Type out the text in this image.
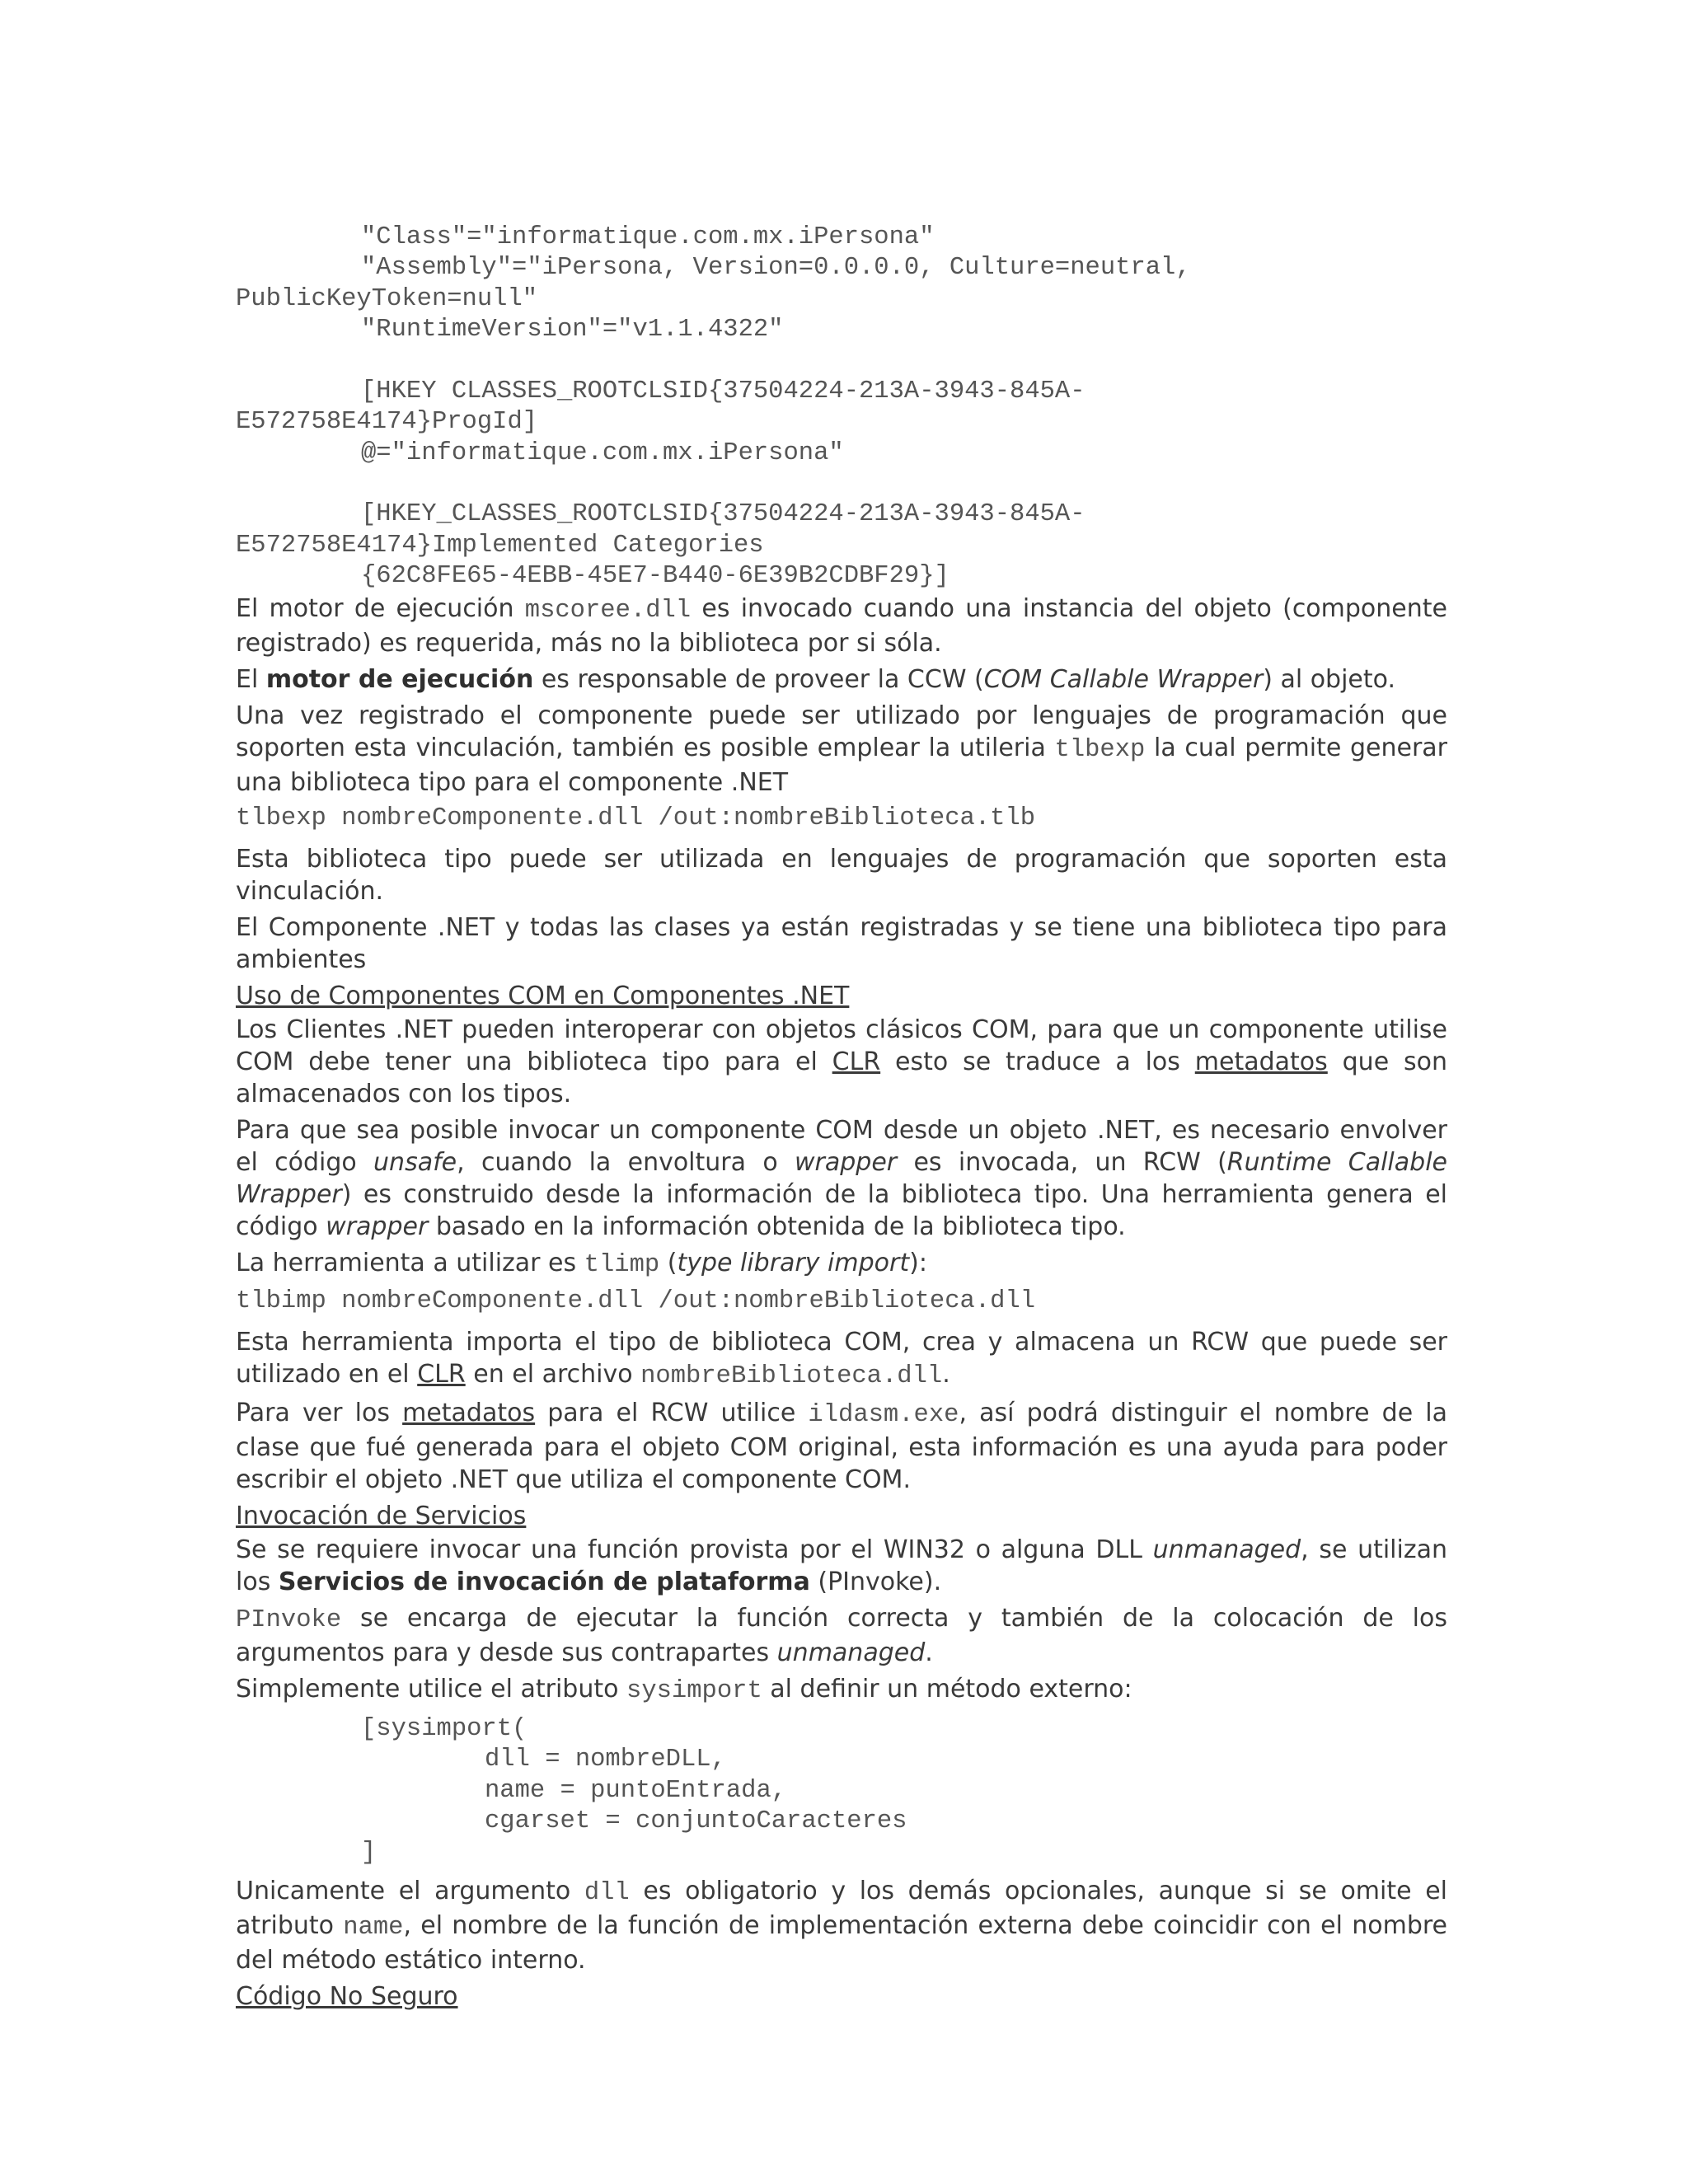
"Class"="informatique.com.mx.iPersona"
"Assembly"="iPersona, Version=0.0.0.0, Culture=neutral,
PublicKeyToken=null"
"RuntimeVersion"="v1.1.4322"
[HKEY CLASSES_ROOTCLSID{37504224-213A-3943-845A-
E572758E4174}ProgId]
@="informatique.com.mx.iPersona"
[HKEY_CLASSES_ROOTCLSID{37504224-213A-3943-845A-
E572758E4174}Implemented Categories
{62C8FE65-4EBB-45E7-B440-6E39B2CDBF29}]

El motor de ejecución mscoree.dll es invocado cuando una instancia del objeto (componente registrado) es requerida, más no la biblioteca por si sóla.

El motor de ejecución es responsable de proveer la CCW (COM Callable Wrapper) al objeto.

Una vez registrado el componente puede ser utilizado por lenguajes de programación que soporten esta vinculación, también es posible emplear la utileria tlbexp la cual permite generar una biblioteca tipo para el componente .NET

tlbexp nombreComponente.dll /out:nombreBiblioteca.tlb

Esta biblioteca tipo puede ser utilizada en lenguajes de programación que soporten esta vinculación.

El Componente .NET y todas las clases ya están registradas y se tiene una biblioteca tipo para ambientes

Uso de Componentes COM en Componentes .NET

Los Clientes .NET pueden interoperar con objetos clásicos COM, para que un componente utilise COM debe tener una biblioteca tipo para el CLR esto se traduce a los metadatos que son almacenados con los tipos.

Para que sea posible invocar un componente COM desde un objeto .NET, es necesario envolver el código unsafe, cuando la envoltura o wrapper es invocada, un RCW (Runtime Callable Wrapper) es construido desde la información de la biblioteca tipo. Una herramienta genera el código wrapper basado en la información obtenida de la biblioteca tipo.

La herramienta a utilizar es tlimp (type library import):

tlbimp nombreComponente.dll /out:nombreBiblioteca.dll

Esta herramienta importa el tipo de biblioteca COM, crea y almacena un RCW que puede ser utilizado en el CLR en el archivo nombreBiblioteca.dll.

Para ver los metadatos para el RCW utilice ildasm.exe, así podrá distinguir el nombre de la clase que fué generada para el objeto COM original, esta información es una ayuda para poder escribir el objeto .NET que utiliza el componente COM.

Invocación de Servicios

Se se requiere invocar una función provista por el WIN32 o alguna DLL unmanaged, se utilizan los Servicios de invocación de plataforma (PInvoke).

PInvoke se encarga de ejecutar la función correcta y también de la colocación de los argumentos para y desde sus contrapartes unmanaged.

Simplemente utilice el atributo sysimport al definir un método externo:

[sysimport(
dll = nombreDLL,
name = puntoEntrada,
cgarset = conjuntoCaracteres
]

Unicamente el argumento dll es obligatorio y los demás opcionales, aunque si se omite el atributo name, el nombre de la función de implementación externa debe coincidir con el nombre del método estático interno.

Código No Seguro
